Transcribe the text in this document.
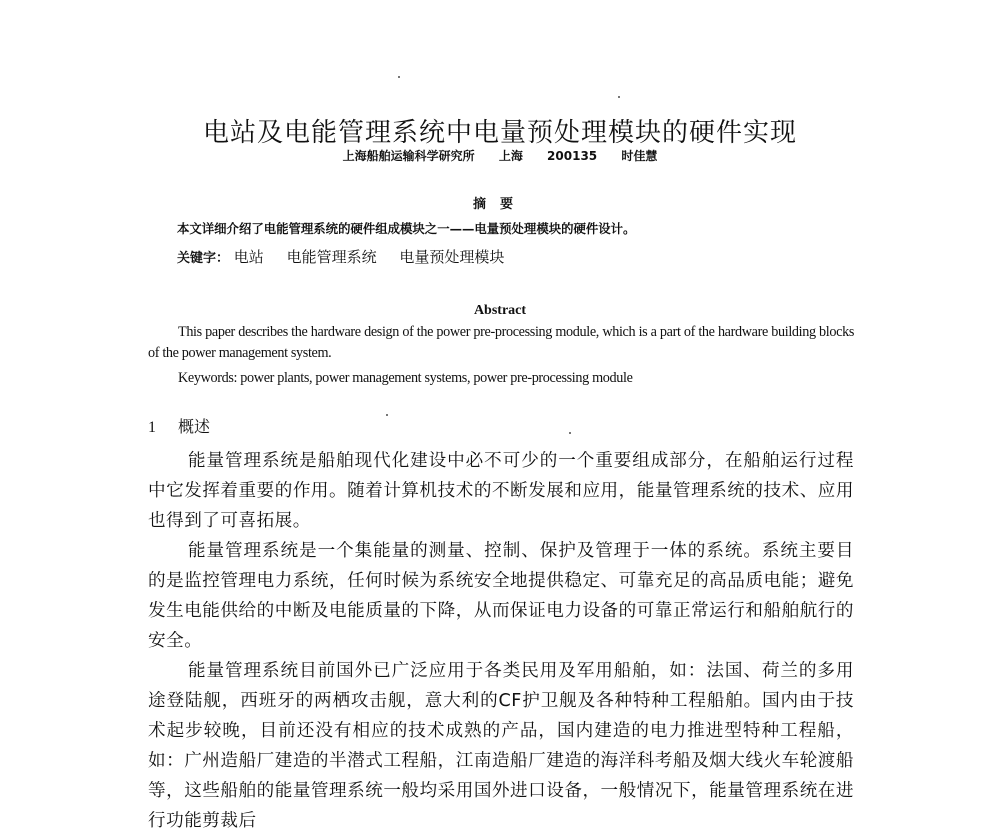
电站及电能管理系统中电量预处理模块的硬件实现
上海船舶运输科学研究所 上海 200135 时佳慧
摘要
本文详细介绍了电能管理系统的硬件组成模块之一——电量预处理模块的硬件设计。
关键字： 电站 电能管理系统 电量预处理模块
Abstract
This paper describes the hardware design of the power pre-processing module, which is a part of the hardware building blocks of the power management system.
Keywords: power plants, power management systems, power pre-processing module
1 概述

能量管理系统是船舶现代化建设中必不可少的一个重要组成部分，在船舶运行过程中它发挥着重要的作用。随着计算机技术的不断发展和应用，能量管理系统的技术、应用也得到了可喜拓展。

能量管理系统是一个集能量的测量、控制、保护及管理于一体的系统。系统主要目的是监控管理电力系统，任何时候为系统安全地提供稳定、可靠充足的高品质电能；避免发生电能供给的中断及电能质量的下降，从而保证电力设备的可靠正常运行和船舶航行的安全。

能量管理系统目前国外已广泛应用于各类民用及军用船舶，如：法国、荷兰的多用途登陆舰，西班牙的两栖攻击舰，意大利的CF护卫舰及各种特种工程船舶。国内由于技术起步较晚，目前还没有相应的技术成熟的产品，国内建造的电力推进型特种工程船，如：广州造船厂建造的半潜式工程船，江南造船厂建造的海洋科考船及烟大线火车轮渡船等，这些船舶的能量管理系统一般均采用国外进口设备，一般情况下，能量管理系统在进行功能剪裁后
